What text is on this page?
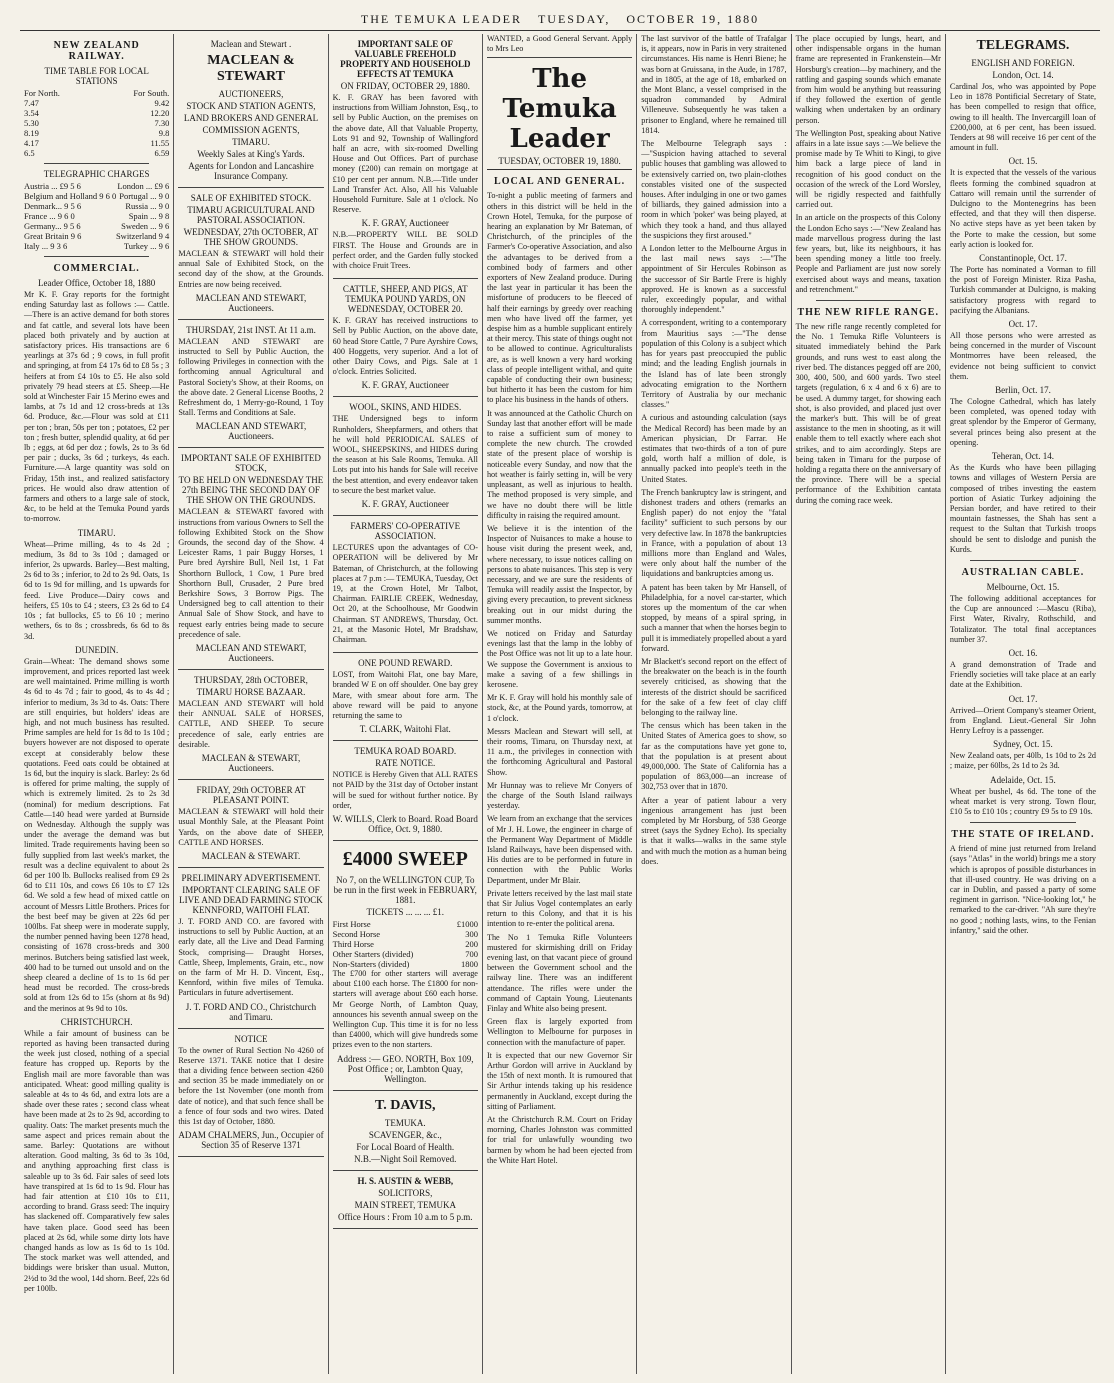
THE TEMUKA LEADER TUESDAY, OCTOBER 19, 1880
NEW ZEALAND RAILWAY.
TIME TABLE FOR LOCAL STATIONS
For North.	For South.
7.47	9.42
3.54	12.20
5.30	7.30
8.19	9.8
4.17	11.55
6.5	6.59
TELEGRAPHIC CHARGES
Austria ... £9 5 6	London ... £9 6
Belgium and Holland 9 6 0 Portugal ... 9 0
Denmark... 9 5 6	Russia ... 9 0
France ... 9 6 0	Spain ... 9 8
Germany... 9 5 6	Sweden ... 9 6
Great Britain 9 6	Switzerland 9 4
Italy ... 9 3 6	Turkey ... 9 6
COMMERCIAL.
Leader Office, October 18, 1880

Mr K. F. Gray reports for the fortnight ending Saturday last as follows :— Cattle.—There is an active demand for both stores and fat cattle, and several lots have been placed both privately and by auction at satisfactory prices. His transactions are 6 yearlings at 37s 6d ; 9 cows, in full profit and springing, at from £4 17s 6d to £8 5s ; 3 heifers at from £4 10s to £5. He also sold privately 79 head steers at £5. Sheep.—He sold at Winchester Fair 15 Merino ewes and lambs, at 7s 1d and 12 cross-breds at 13s 6d. Produce, &c.—Flour was sold at £11 per ton ; bran, 50s per ton ; potatoes, £2 per ton ; fresh butter, splendid quality, at 6d per lb ; eggs, at 6d per doz ; fowls, 2s to 3s 6d per pair ; ducks, 3s 6d ; turkeys, 4s each. Furniture.—A large quantity was sold on Friday, 15th inst., and realized satisfactory prices. He would also draw attention of farmers and others to a large sale of stock, &c, to be held at the Temuka Pound yards to-morrow.

TIMARU.

Wheat—Prime milling, 4s to 4s 2d ; medium, 3s 8d to 3s 10d ; damaged or inferior, 2s upwards. Barley—Best malting, 2s 6d to 3s ; inferior, to 2d to 2s 9d. Oats, 1s 6d to 1s 9d for milling, and 1s upwards for feed. Live Produce—Dairy cows and heifers, £5 10s to £4 ; steers, £3 2s 6d to £4 10s ; fat bullocks, £5 to £6 10 ; merino wethers, 6s to 8s ; crossbreds, 6s 6d to 8s 3d.

DUNEDIN.

Grain—Wheat: The demand shows some improvement, and prices reported last week are well maintained. Prime milling is worth 4s 6d to 4s 7d ; fair to good, 4s to 4s 4d ; inferior to medium, 3s 3d to 4s. Oats: There are still enquiries, but holders' ideas are high, and not much business has resulted. Prime samples are held for 1s 8d to 1s 10d ; buyers however are not disposed to operate except at considerably below these quotations. Feed oats could be obtained at 1s 6d, but the inquiry is slack. Barley: 2s 6d is offered for prime malting, the supply of which is extremely limited. 2s to 2s 3d (nominal) for medium descriptions. Fat Cattle—140 head were yarded at Burnside on Wednesday. Although the supply was under the average the demand was but limited. Trade requirements having been so fully supplied from last week's market, the result was a decline equivalent to about 2s 6d per 100 lb. Bullocks realised from £9 2s 6d to £11 10s, and cows £6 10s to £7 12s 6d. We sold a few head of mixed cattle on account of Messrs Little Brothers. Prices for the best beef may be given at 22s 6d per 100lbs. Fat sheep were in moderate supply, the number penned having been 1278 head, consisting of 1678 cross-breds and 300 merinos. Butchers being satisfied last week, 400 had to be turned out unsold and on the sheep cleared a decline of 1s to 1s 6d per head must be recorded. The cross-breds sold at from 12s 6d to 15s (shorn at 8s 9d) and the merinos at 9s 9d to 10s.

CHRISTCHURCH.

While a fair amount of business can be reported as having been transacted during the week just closed, nothing of a special feature has cropped up. Reports by the English mail are more favorable than was anticipated. Wheat: good milling quality is saleable at 4s to 4s 6d, and extra lots are a shade over these rates ; second class wheat have been made at 2s to 2s 9d, according to quality. Oats: The market presents much the same aspect and prices remain about the same. Barley: Quotations are without alteration. Good malting, 3s 6d to 3s 10d, and anything approaching first class is saleable up to 3s 6d. Fair sales of seed lots have transpired at 1s 6d to 1s 9d. Flour has had fair attention at £10 10s to £11, according to brand. Grass seed: The inquiry has slackened off. Comparatively few sales have taken place. Good seed has been placed at 2s 6d, while some dirty lots have changed hands as low as 1s 6d to 1s 10d. The stock market was well attended, and biddings were brisker than usual. Mutton, 2½d to 3d the wool, 14d shorn. Beef, 22s 6d per 100lb.

Maclean and Stewart .
MACLEAN & STEWART
AUCTIONEERS,
STOCK AND STATION AGENTS,
LAND BROKERS AND GENERAL
COMMISSION AGENTS,
TIMARU.
Weekly Sales at King's Yards.
Agents for London and Lancashire Insurance Company.
SALE OF EXHIBITED STOCK.
TIMARU AGRICULTURAL AND PASTORAL ASSOCIATION.
WEDNESDAY, 27th OCTOBER, AT THE SHOW GROUNDS.

MACLEAN & STEWART will hold their annual Sale of Exhibited Stock, on the second day of the show, at the Grounds. Entries are now being received.

MACLEAN AND STEWART, Auctioneers.
THURSDAY, 21st INST. At 11 a.m.

MACLEAN AND STEWART are instructed to Sell by Public Auction, the following Privileges in connection with the forthcoming annual Agricultural and Pastoral Society's Show, at their Rooms, on the above date. 2 General License Booths, 2 Refreshment do, 1 Merry-go-Round, 1 Toy Stall. Terms and Conditions at Sale.

MACLEAN AND STEWART, Auctioneers.
IMPORTANT SALE OF EXHIBITED STOCK,
TO BE HELD ON WEDNESDAY THE 27th BEING THE SECOND DAY OF THE SHOW ON THE GROUNDS.

MACLEAN & STEWART favored with instructions from various Owners to Sell the following Exhibited Stock on the Show Grounds, the second day of the Show. 4 Leicester Rams, 1 pair Buggy Horses, 1 Pure bred Ayrshire Bull, Neil 1st, 1 Fat Shorthorn Bullock, 1 Cow, 1 Pure bred Shorthorn Bull, Crusader, 2 Pure bred Berkshire Sows, 3 Borrow Pigs. The Undersigned beg to call attention to their Annual Sale of Show Stock, and have to request early entries being made to secure precedence of sale.

MACLEAN AND STEWART, Auctioneers.
THURSDAY, 28th OCTOBER,
TIMARU HORSE BAZAAR.

MACLEAN AND STEWART will hold their ANNUAL SALE of HORSES, CATTLE, AND SHEEP. To secure precedence of sale, early entries are desirable.

MACLEAN & STEWART, Auctioneers.
FRIDAY, 29th OCTOBER AT PLEASANT POINT.

MACLEAN & STEWART will hold their usual Monthly Sale, at the Pleasant Point Yards, on the above date of SHEEP, CATTLE AND HORSES.

MACLEAN & STEWART.
PRELIMINARY ADVERTISEMENT.
IMPORTANT CLEARING SALE OF LIVE AND DEAD FARMING STOCK KENNFORD, WAITOHI FLAT.

J. T. FORD AND CO. are favored with instructions to sell by Public Auction, at an early date, all the Live and Dead Farming Stock, comprising— Draught Horses, Cattle, Sheep, Implements, Grain, etc., now on the farm of Mr H. D. Vincent, Esq., Kennford, within five miles of Temuka. Particulars in future advertisement.

J. T. FORD AND CO., Christchurch and Timaru.
NOTICE

To the owner of Rural Section No 4260 of Reserve 1371. TAKE notice that I desire that a dividing fence between section 4260 and section 35 be made immediately on or before the 1st November (one month from date of notice), and that such fence shall be a fence of four sods and two wires. Dated this 1st day of October, 1880.

ADAM CHALMERS, Jun., Occupier of Section 35 of Reserve 1371
IMPORTANT SALE OF VALUABLE FREEHOLD PROPERTY AND HOUSEHOLD EFFECTS AT TEMUKA
ON FRIDAY, OCTOBER 29, 1880.

K. F. GRAY has been favored with instructions from William Johnston, Esq., to sell by Public Auction, on the premises on the above date, All that Valuable Property, Lots 91 and 92, Township of Wallingford half an acre, with six-roomed Dwelling House and Out Offices. Part of purchase money (£200) can remain on mortgage at £10 per cent per annum. N.B.—Title under Land Transfer Act. Also, All his Valuable Household Furniture. Sale at 1 o'clock. No Reserve.

K. F. GRAY, Auctioneer

N.B.—PROPERTY WILL BE SOLD FIRST. The House and Grounds are in perfect order, and the Garden fully stocked with choice Fruit Trees.

CATTLE, SHEEP, AND PIGS, AT TEMUKA POUND YARDS, ON WEDNESDAY, OCTOBER 20.

K. F. GRAY has received instructions to Sell by Public Auction, on the above date, 60 head Store Cattle, 7 Pure Ayrshire Cows, 400 Hoggetts, very superior. And a lot of other Dairy Cows, and Pigs. Sale at 1 o'clock. Entries Solicited.

K. F. GRAY, Auctioneer
WOOL, SKINS, AND HIDES.

THE Undersigned begs to inform Runholders, Sheepfarmers, and others that he will hold PERIODICAL SALES of WOOL, SHEEPSKINS, and HIDES during the season at his Sale Rooms, Temuka. All Lots put into his hands for Sale will receive the best attention, and every endeavor taken to secure the best market value.

K. F. GRAY, Auctioneer
FARMERS' CO-OPERATIVE ASSOCIATION.

LECTURES upon the advantages of CO-OPERATION will be delivered by Mr Bateman, of Christchurch, at the following places at 7 p.m :— TEMUKA, Tuesday, Oct 19, at the Crown Hotel, Mr Talbot, Chairman. FAIRLIE CREEK, Wednesday, Oct 20, at the Schoolhouse, Mr Goodwin Chairman. ST ANDREWS, Thursday, Oct. 21, at the Masonic Hotel, Mr Bradshaw, Chairman.

ONE POUND REWARD.

LOST, from Waitohi Flat, one bay Mare, branded W E on off shoulder. One bay grey Mare, with smear about fore arm. The above reward will be paid to anyone returning the same to

T. CLARK, Waitohi Flat.
TEMUKA ROAD BOARD.
RATE NOTICE.

NOTICE is Hereby Given that ALL RATES not PAID by the 31st day of October instant will be sued for without further notice. By order,

W. WILLS, Clerk to Board. Road Board Office, Oct. 9, 1880.
£4000 SWEEP
No 7, on the WELLINGTON CUP, To be run in the first week in FEBRUARY, 1881.
TICKETS ... ... ... £1.
First Horse	£1000
Second Horse	300
Third Horse	200
Other Starters (divided)	700
Non-Starters (divided)	1800

The £700 for other starters will average about £100 each horse. The £1800 for non-starters will average about £60 each horse. Mr George North, of Lambton Quay, announces his seventh annual sweep on the Wellington Cup. This time it is for no less than £4000, which will give hundreds some prizes even to the non starters.

Address :— GEO. NORTH, Box 109, Post Office ; or, Lambton Quay, Wellington.
T. DAVIS,
TEMUKA.
SCAVENGER, &c.,
For Local Board of Health.
N.B.—Night Soil Removed.
H. S. AUSTIN & WEBB,
SOLICITORS,
MAIN STREET, TEMUKA
Office Hours : From 10 a.m to 5 p.m.

WANTED, a Good General Servant. Apply to Mrs Leo

The Temuka Leader
TUESDAY, OCTOBER 19, 1880.
LOCAL AND GENERAL.

To-night a public meeting of farmers and others in this district will be held in the Crown Hotel, Temuka, for the purpose of hearing an explanation by Mr Bateman, of Christchurch, of the principles of the Farmer's Co-operative Association, and also the advantages to be derived from a combined body of farmers and other exporters of New Zealand produce. During the last year in particular it has been the misfortune of producers to be fleeced of half their earnings by greedy over reaching men who have lived off the farmer, yet despise him as a humble supplicant entirely at their mercy. This state of things ought not to be allowed to continue. Agriculturalists are, as is well known a very hard working class of people intelligent withal, and quite capable of conducting their own business; but hitherto it has been the custom for him to place his business in the hands of others.

It was announced at the Catholic Church on Sunday last that another effort will be made to raise a sufficient sum of money to complete the new church. The crowded state of the present place of worship is noticeable every Sunday, and now that the hot weather is fairly setting in, will be very unpleasant, as well as injurious to health. The method proposed is very simple, and we have no doubt there will be little difficulty in raising the required amount.

We believe it is the intention of the Inspector of Nuisances to make a house to house visit during the present week, and, where necessary, to issue notices calling on persons to abate nuisances. This step is very necessary, and we are sure the residents of Temuka will readily assist the Inspector, by giving every precaution, to prevent sickness breaking out in our midst during the summer months.

We noticed on Friday and Saturday evenings last that the lamp in the lobby of the Post Office was not lit up to a late hour. We suppose the Government is anxious to make a saving of a few shillings in kerosene.

Mr K. F. Gray will hold his monthly sale of stock, &c, at the Pound yards, tomorrow, at 1 o'clock.

Messrs Maclean and Stewart will sell, at their rooms, Timaru, on Thursday next, at 11 a.m., the privileges in connection with the forthcoming Agricultural and Pastoral Show.

Mr Hunnay was to relieve Mr Conyers of the charge of the South Island railways yesterday.

We learn from an exchange that the services of Mr J. H. Lowe, the engineer in charge of the Permanent Way Department of Middle Island Railways, have been dispensed with. His duties are to be performed in future in connection with the Public Works Department, under Mr Blair.

Private letters received by the last mail state that Sir Julius Vogel contemplates an early return to this Colony, and that it is his intention to re-enter the political arena.

The No 1 Temuka Rifle Volunteers mustered for skirmishing drill on Friday evening last, on that vacant piece of ground between the Government school and the railway line. There was an indifferent attendance. The rifles were under the command of Captain Young, Lieutenants Finlay and White also being present.

Green flax is largely exported from Wellington to Melbourne for purposes in connection with the manufacture of paper.

It is expected that our new Governor Sir Arthur Gordon will arrive in Auckland by the 15th of next month. It is rumoured that Sir Arthur intends taking up his residence permanently in Auckland, except during the sitting of Parliament.

At the Christchurch R.M. Court on Friday morning, Charles Johnston was committed for trial for unlawfully wounding two barmen by whom he had been ejected from the White Hart Hotel.

The last survivor of the battle of Trafalgar is, it appears, now in Paris in very straitened circumstances. His name is Henri Biene; he was born at Gruissana, in the Aude, in 1787, and in 1805, at the age of 18, embarked on the Mont Blanc, a vessel comprised in the squadron commanded by Admiral Villeneuve. Subsequently he was taken a prisoner to England, where he remained till 1814.

The Melbourne Telegraph says :—"Suspicion having attached to several public houses that gambling was allowed to be extensively carried on, two plain-clothes constables visited one of the suspected houses. After indulging in one or two games of billiards, they gained admission into a room in which 'poker' was being played, at which they took a hand, and thus allayed the suspicions they first aroused."

A London letter to the Melbourne Argus in the last mail news says :—"The appointment of Sir Hercules Robinson as the successor of Sir Bartle Frere is highly approved. He is known as a successful ruler, exceedingly popular, and withal thoroughly independent."

A correspondent, writing to a contemporary from Mauritius says :—"The dense population of this Colony is a subject which has for years past preoccupied the public mind; and the leading English journals in the Island has of late been strongly advocating emigration to the Northern Territory of Australia by our mechanic classes."

A curious and astounding calculation (says the Medical Record) has been made by an American physician, Dr Farrar. He estimates that two-thirds of a ton of pure gold, worth half a million of dole, is annually packed into people's teeth in the United States.

The French bankruptcy law is stringent, and dishonest traders and others (remarks an English paper) do not enjoy the "fatal facility" sufficient to such persons by our very defective law. In 1878 the bankruptcies in France, with a population of about 13 millions more than England and Wales, were only about half the number of the liquidations and bankruptcies among us.

A patent has been taken by Mr Hansell, of Philadelphia, for a novel car-starter, which stores up the momentum of the car when stopped, by means of a spiral spring, in such a manner that when the horses begin to pull it is immediately propelled about a yard forward.

Mr Blackett's second report on the effect of the breakwater on the beach is in the fourth severely criticised, as showing that the interests of the district should be sacrificed for the sake of a few feet of clay cliff belonging to the railway line.

The census which has been taken in the United States of America goes to show, so far as the computations have yet gone to, that the population is at present about 49,000,000. The State of California has a population of 863,000—an increase of 302,753 over that in 1870.

After a year of patient labour a very ingenious arrangement has just been completed by Mr Horsburg, of 538 George street (says the Sydney Echo). Its specialty is that it walks—walks in the same style and with much the motion as a human being does.

The place occupied by lungs, heart, and other indispensable organs in the human frame are represented in Frankenstein—Mr Horsburg's creation—by machinery, and the rattling and gasping sounds which emanate from him would be anything but reassuring if they followed the exertion of gentle walking when undertaken by an ordinary person.

The Wellington Post, speaking about Native affairs in a late issue says :—We believe the promise made by Te Whiti to Kingi, to give him back a large piece of land in recognition of his good conduct on the occasion of the wreck of the Lord Worsley, will be rigidly respected and faithfully carried out.

In an article on the prospects of this Colony the London Echo says :—"New Zealand has made marvellous progress during the last few years, but, like its neighbours, it has been spending money a little too freely. People and Parliament are just now sorely exercised about ways and means, taxation and retrenchment."

THE NEW RIFLE RANGE.

The new rifle range recently completed for the No. 1 Temuka Rifle Volunteers is situated immediately behind the Park grounds, and runs west to east along the river bed. The distances pegged off are 200, 300, 400, 500, and 600 yards. Two steel targets (regulation, 6 x 4 and 6 x 6) are to be used. A dummy target, for showing each shot, is also provided, and placed just over the marker's butt. This will be of great assistance to the men in shooting, as it will enable them to tell exactly where each shot strikes, and to aim accordingly. Steps are being taken in Timaru for the purpose of holding a regatta there on the anniversary of the province. There will be a special performance of the Exhibition cantata during the coming race week.

TELEGRAMS.
ENGLISH AND FOREIGN.
London, Oct. 14.

Cardinal Jos, who was appointed by Pope Leo in 1878 Pontificial Secretary of State, has been compelled to resign that office, owing to ill health. The Invercargill loan of £200,000, at 6 per cent, has been issued. Tenders at 98 will receive 16 per cent of the amount in full.

Oct. 15.

It is expected that the vessels of the various fleets forming the combined squadron at Cattaro will remain until the surrender of Dulcigno to the Montenegrins has been effected, and that they will then disperse. No active steps have as yet been taken by the Porte to make the cession, but some early action is looked for.

Constantinople, Oct. 17.

The Porte has nominated a Vorman to fill the post of Foreign Minister. Riza Pasha, Turkish commander at Dulcigno, is making satisfactory progress with regard to pacifying the Albanians.

Oct. 17.

All those persons who were arrested as being concerned in the murder of Viscount Montmorres have been released, the evidence not being sufficient to convict them.

Berlin, Oct. 17.

The Cologne Cathedral, which has lately been completed, was opened today with great splendor by the Emperor of Germany, several princes being also present at the opening.

Teheran, Oct. 14.

As the Kurds who have been pillaging towns and villages of Western Persia are composed of tribes investing the eastern portion of Asiatic Turkey adjoining the Persian border, and have retired to their mountain fastnesses, the Shah has sent a request to the Sultan that Turkish troops should be sent to dislodge and punish the Kurds.

AUSTRALIAN CABLE.
Melbourne, Oct. 15.

The following additional acceptances for the Cup are announced :—Mascu (Riba), First Water, Rivalry, Rothschild, and Totalizator. The total final acceptances number 37.

Oct. 16.

A grand demonstration of Trade and Friendly societies will take place at an early date at the Exhibition.

Oct. 17.

Arrived—Orient Company's steamer Orient, from England. Lieut.-General Sir John Henry Lefroy is a passenger.

Sydney, Oct. 15.

New Zealand oats, per 40lb, 1s 10d to 2s 2d ; maize, per 60lbs, 2s 1d to 2s 3d.

Adelaide, Oct. 15.

Wheat per bushel, 4s 6d. The tone of the wheat market is very strong. Town flour, £10 5s to £10 10s ; country £9 5s to £9 10s.

THE STATE OF IRELAND.

A friend of mine just returned from Ireland (says "Atlas" in the world) brings me a story which is apropos of possible disturbances in that ill-used country. He was driving on a car in Dublin, and passed a party of some regiment in garrison. "Nice-looking lot," he remarked to the car-driver. "Ah sure they're no good ; nothing lasts, wins, to the Fenian infantry," said the other.
